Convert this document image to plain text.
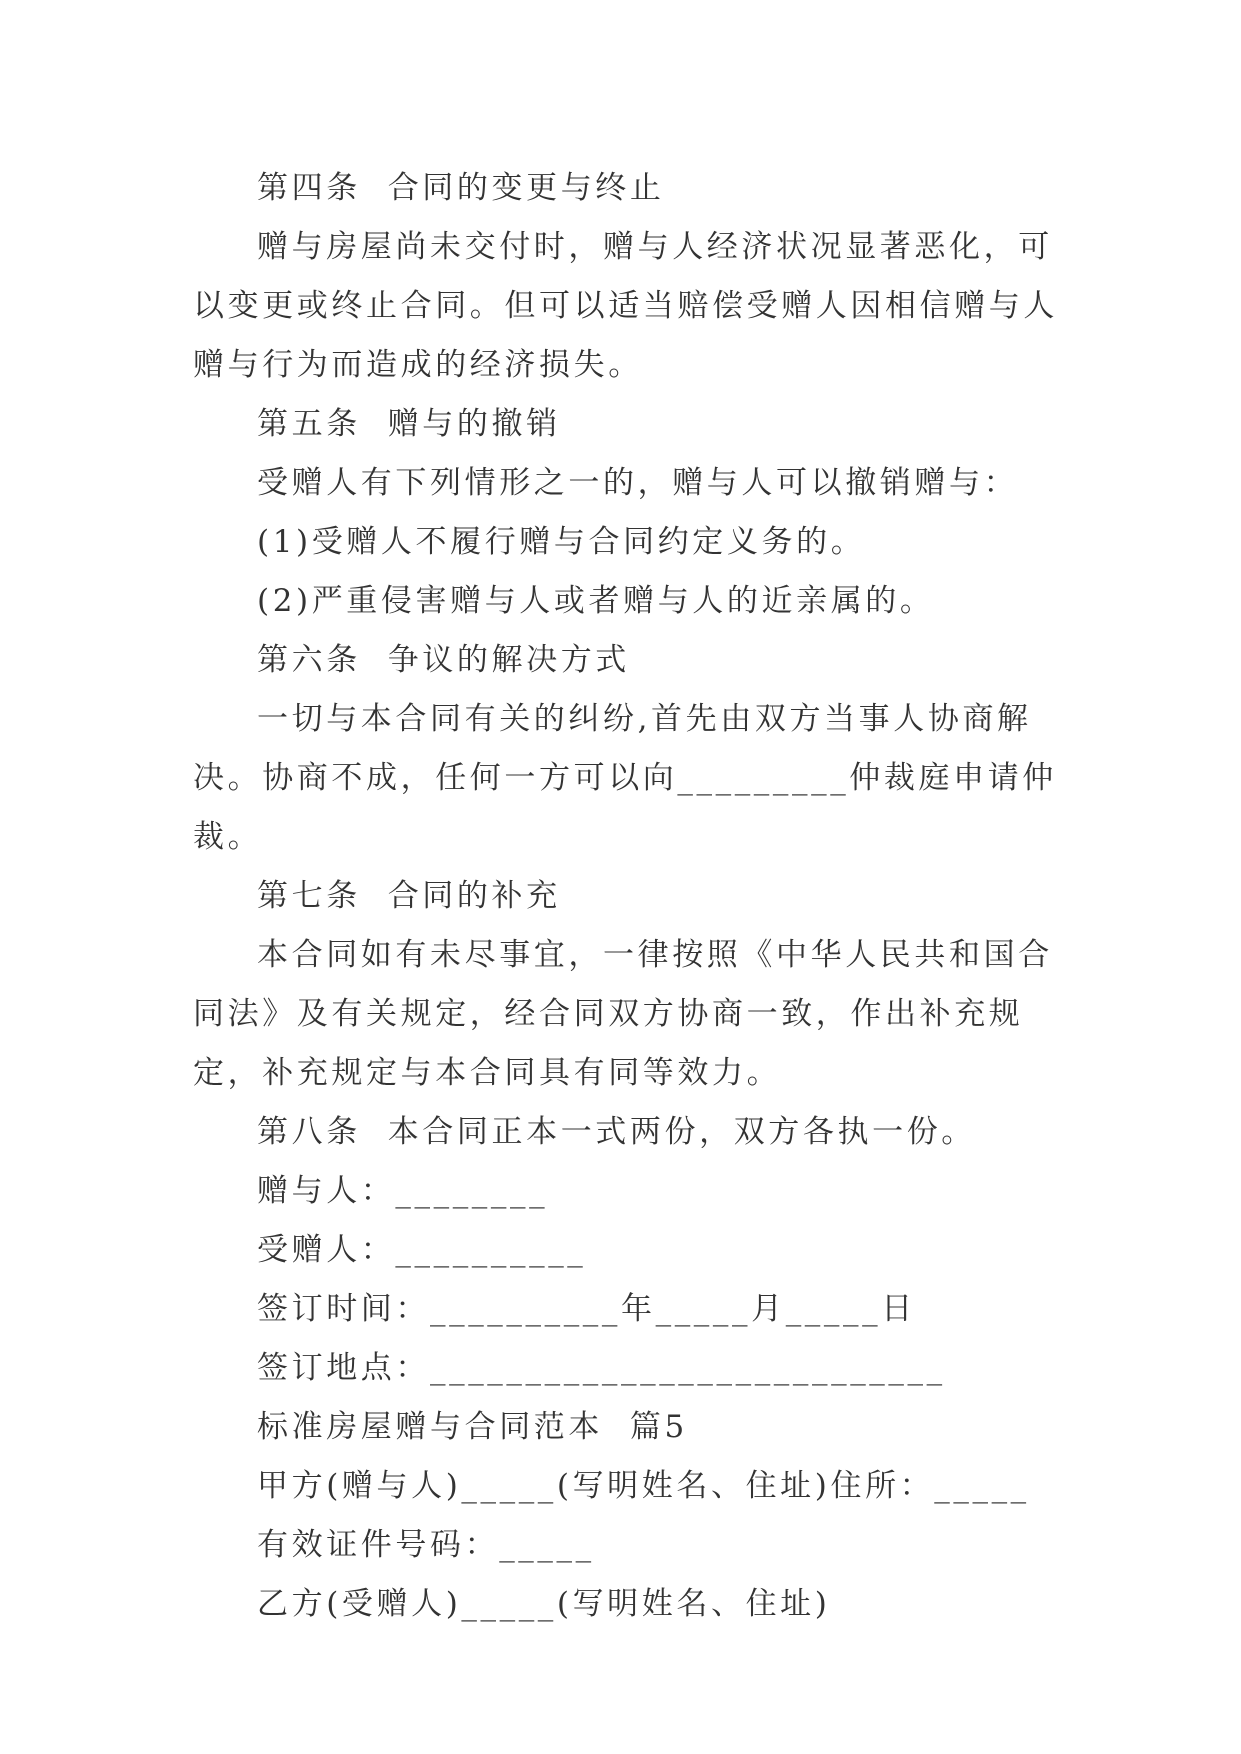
第四条  合同的变更与终止

赠与房屋尚未交付时，赠与人经济状况显著恶化，可以变更或终止合同。但可以适当赔偿受赠人因相信赠与人赠与行为而造成的经济损失。

第五条  赠与的撤销

受赠人有下列情形之一的，赠与人可以撤销赠与：

(1)受赠人不履行赠与合同约定义务的。

(2)严重侵害赠与人或者赠与人的近亲属的。

第六条  争议的解决方式

一切与本合同有关的纠纷,首先由双方当事人协商解决。协商不成，任何一方可以向_________仲裁庭申请仲裁。

第七条  合同的补充

本合同如有未尽事宜，一律按照《中华人民共和国合同法》及有关规定，经合同双方协商一致，作出补充规定，补充规定与本合同具有同等效力。

第八条  本合同正本一式两份，双方各执一份。

赠与人：________

受赠人：__________

签订时间：__________年_____月_____日

签订地点：___________________________

标准房屋赠与合同范本  篇5

甲方(赠与人)_____(写明姓名、住址)住所：_____

有效证件号码：_____

乙方(受赠人)_____(写明姓名、住址)
